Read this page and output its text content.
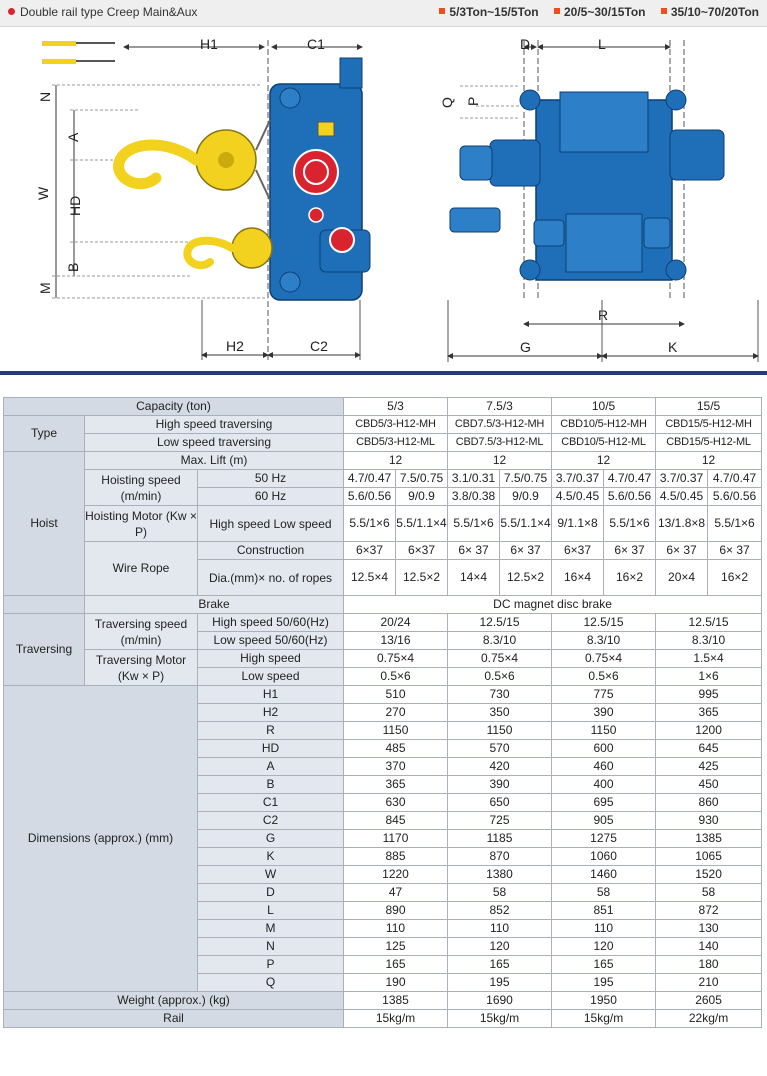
Double rail type Creep Main&Aux	5/3Ton~15/5Ton 20/5~30/15Ton 35/10~70/20Ton
H1	C1
H2	C2
N
A
W
HD
B
M
D	L
Q P
R
G	K
Capacity (ton)			5/3		7.5/3		10/5		15/5	
Type	High speed traversing		CBD5/3-H12-MH		CBD7.5/3-H12-MH		CBD10/5-H12-MH		CBD15/5-H12-MH	
	Low speed traversing		CBD5/3-H12-ML		CBD7.5/3-H12-ML		CBD10/5-H12-ML		CBD15/5-H12-ML	
Hoist	Max. Lift (m)		12		12		12		12	
	Hoisting speed (m/min)	50 Hz	4.7/0.47	7.5/0.75	3.1/0.31	7.5/0.75	3.7/0.37	4.7/0.47	3.7/0.37	4.7/0.47
		60 Hz	5.6/0.56	9/0.9	3.8/0.38	9/0.9	4.5/0.45	5.6/0.56	4.5/0.45	5.6/0.56
	Hoisting Motor (Kw × P)	High speed Low speed	5.5/1×6	5.5/1.1×4	5.5/1×6	5.5/1.1×4	9/1.1×8	5.5/1×6	13/1.8×8	5.5/1×6

	Wire Rope	Construction	6×37	6×37	6× 37	6× 37	6×37	6× 37	6× 37	6× 37
		Dia.(mm)× no. of ropes	12.5×4	12.5×2	14×4	12.5×2	16×4	16×2	20×4	16×2

	Brake		DC magnet disc brake							
Traversing	Traversing speed (m/min)	High speed 50/60(Hz)	20/24		12.5/15		12.5/15		12.5/15	
		Low speed 50/60(Hz)	13/16		8.3/10		8.3/10		8.3/10	
	Traversing Motor (Kw × P)	High speed	0.75×4		0.75×4		0.75×4		1.5×4	
		Low speed	0.5×6		0.5×6		0.5×6		1×6	
Dimensions (approx.) (mm)		H1	510		730		775		995	
		H2	270		350		390		365	
		R	1150		1150		1150		1200	
		HD	485		570		600		645	
		A	370		420		460		425	
		B	365		390		400		450	
		C1	630		650		695		860	
		C2	845		725		905		930	
		G	1170		1185		1275		1385	
		K	885		870		1060		1065	
		W	1220		1380		1460		1520	
		D	47		58		58		58	
		L	890		852		851		872	
		M	110		110		110		130	
		N	125		120		120		140	
		P	165		165		165		180	
		Q	190		195		195		210	
Weight (approx.) (kg)			1385		1690		1950		2605	
Rail			15kg/m		15kg/m		15kg/m		22kg/m	
